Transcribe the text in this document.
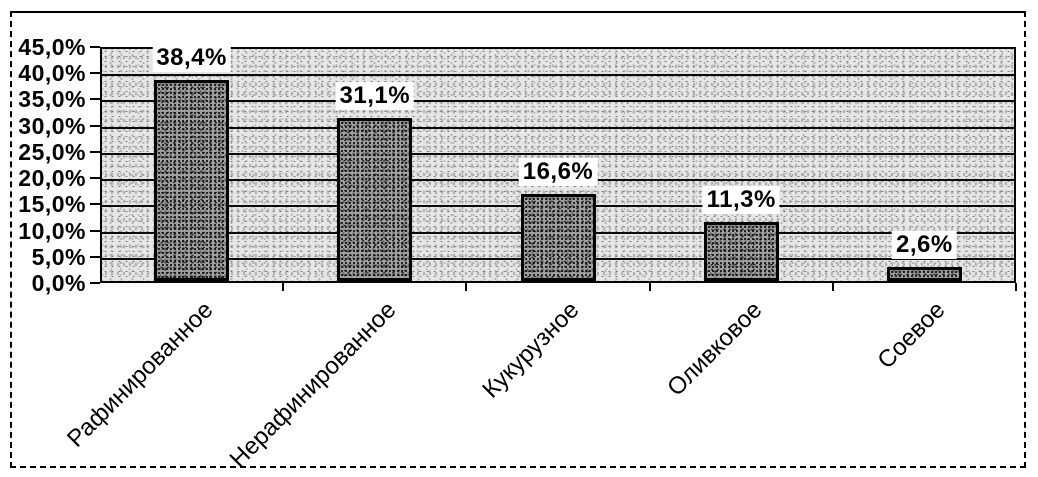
38,4%
31,1%
16,6%
11,3%
2,6%
45,0%
40,0%
35,0%
30,0%
25,0%
20,0%
15,0%
10,0%
5,0%
0,0%
Рафинированное Нерафинированное	Кукурузное	Оливковое	Соевое
